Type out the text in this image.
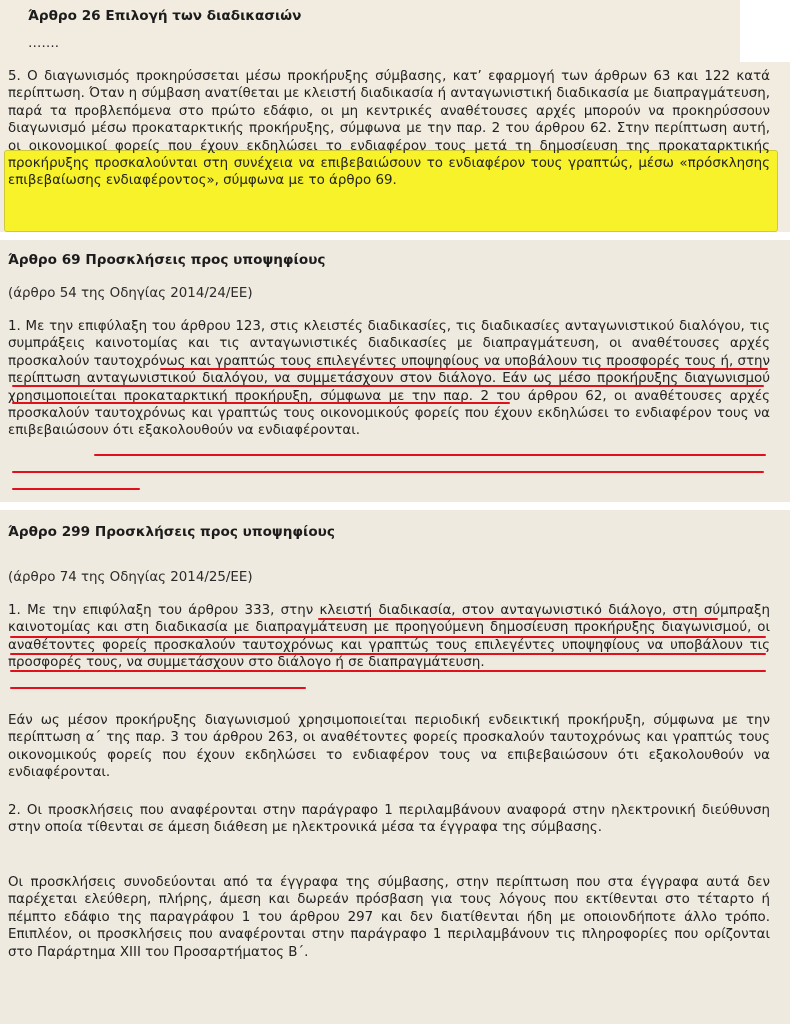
Άρθρο 26 Επιλογή των διαδικασιών
…….

5. Ο διαγωνισμός προκηρύσσεται μέσω προκήρυξης σύμβασης, κατ’ εφαρμογή των άρθρων 63 και 122 κατά περίπτωση. Όταν η σύμβαση ανατίθεται με κλειστή διαδικασία ή ανταγωνιστική διαδικασία με διαπραγμάτευση, παρά τα προβλεπόμενα στο πρώτο εδάφιο, οι μη κεντρικές αναθέτουσες αρχές μπορούν να προκηρύσσουν διαγωνισμό μέσω προκαταρκτικής προκήρυξης, σύμφωνα με την παρ. 2 του άρθρου 62. Στην περίπτωση αυτή, οι οικονομικοί φορείς που έχουν εκδηλώσει το ενδιαφέρον τους μετά τη δημοσίευση της προκαταρκτικής προκήρυξης προσκαλούνται στη συνέχεια να επιβεβαιώσουν το ενδιαφέρον τους γραπτώς, μέσω «πρόσκλησης επιβεβαίωσης ενδιαφέροντος», σύμφωνα με το άρθρο 69.

Άρθρο 69 Προσκλήσεις προς υποψηφίους
(άρθρο 54 της Οδηγίας 2014/24/ΕΕ)

1. Με την επιφύλαξη του άρθρου 123, στις κλειστές διαδικασίες, τις διαδικασίες ανταγωνιστικού διαλόγου, τις συμπράξεις καινοτομίας και τις ανταγωνιστικές διαδικασίες με διαπραγμάτευση, οι αναθέτουσες αρχές προσκαλούν ταυτοχρόνως και γραπτώς τους επιλεγέντες υποψηφίους να υποβάλουν τις προσφορές τους ή, στην περίπτωση ανταγωνιστικού διαλόγου, να συμμετάσχουν στον διάλογο. Εάν ως μέσο προκήρυξης διαγωνισμού χρησιμοποιείται προκαταρκτική προκήρυξη, σύμφωνα με την παρ. 2 του άρθρου 62, οι αναθέτουσες αρχές προσκαλούν ταυτοχρόνως και γραπτώς τους οικονομικούς φορείς που έχουν εκδηλώσει το ενδιαφέρον τους να επιβεβαιώσουν ότι εξακολουθούν να ενδιαφέρονται.

Άρθρο 299 Προσκλήσεις προς υποψηφίους
(άρθρο 74 της Οδηγίας 2014/25/ΕΕ)

1. Με την επιφύλαξη του άρθρου 333, στην κλειστή διαδικασία, στον ανταγωνιστικό διάλογο, στη σύμπραξη καινοτομίας και στη διαδικασία με διαπραγμάτευση με προηγούμενη δημοσίευση προκήρυξης διαγωνισμού, οι αναθέτοντες φορείς προσκαλούν ταυτοχρόνως και γραπτώς τους επιλεγέντες υποψηφίους να υποβάλουν τις προσφορές τους, να συμμετάσχουν στο διάλογο ή σε διαπραγμάτευση.

Εάν ως μέσον προκήρυξης διαγωνισμού χρησιμοποιείται περιοδική ενδεικτική προκήρυξη, σύμφωνα με την περίπτωση α΄ της παρ. 3 του άρθρου 263, οι αναθέτοντες φορείς προσκαλούν ταυτοχρόνως και γραπτώς τους οικονομικούς φορείς που έχουν εκδηλώσει το ενδιαφέρον τους να επιβεβαιώσουν ότι εξακολουθούν να ενδιαφέρονται.

2. Οι προσκλήσεις που αναφέρονται στην παράγραφο 1 περιλαμβάνουν αναφορά στην ηλεκτρονική διεύθυνση στην οποία τίθενται σε άμεση διάθεση με ηλεκτρονικά μέσα τα έγγραφα της σύμβασης.

Οι προσκλήσεις συνοδεύονται από τα έγγραφα της σύμβασης, στην περίπτωση που στα έγγραφα αυτά δεν παρέχεται ελεύθερη, πλήρης, άμεση και δωρεάν πρόσβαση για τους λόγους που εκτίθενται στο τέταρτο ή πέμπτο εδάφιο της παραγράφου 1 του άρθρου 297 και δεν διατίθενται ήδη με οποιονδήποτε άλλο τρόπο. Επιπλέον, οι προσκλήσεις που αναφέρονται στην παράγραφο 1 περιλαμβάνουν τις πληροφορίες που ορίζονται στο Παράρτημα XIII του Προσαρτήματος Β΄.
